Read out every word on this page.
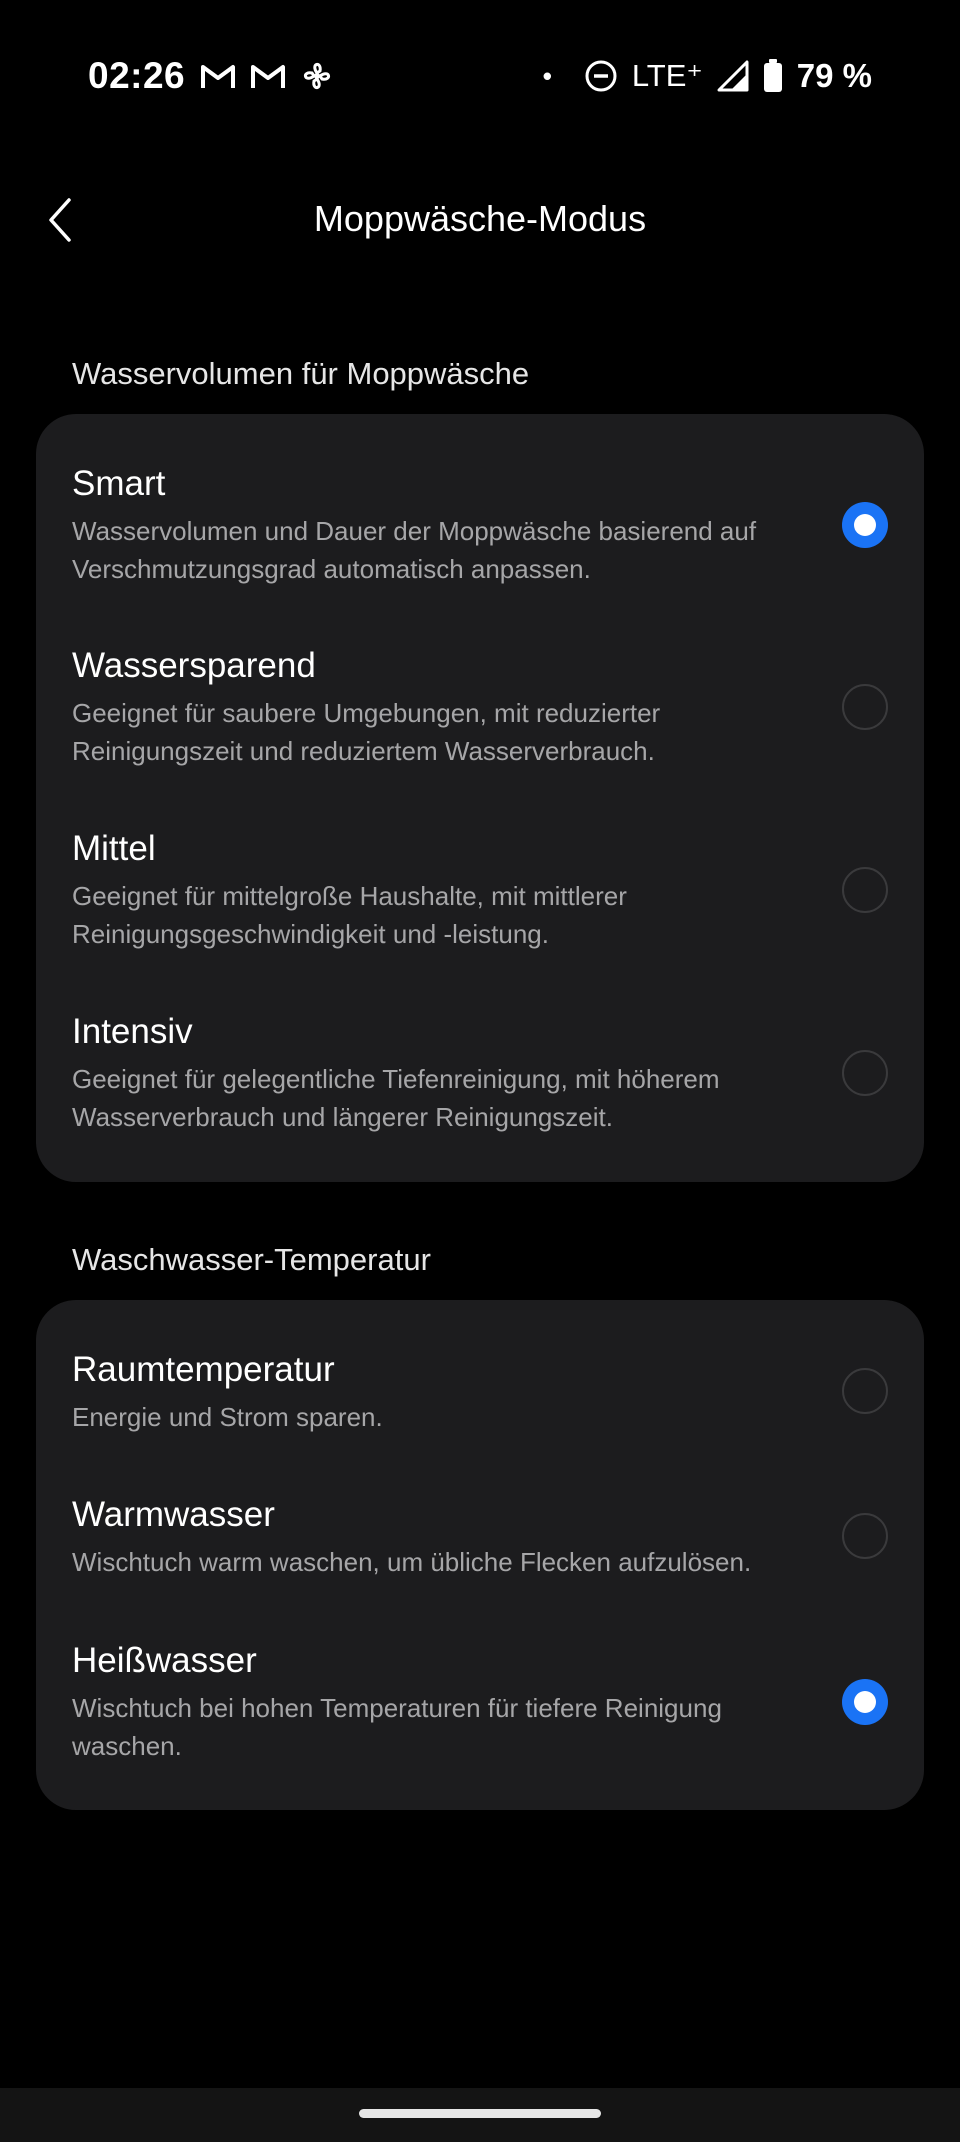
02:26	•	LTE⁺	79 %
Moppwäsche-Modus
Wasservolumen für Moppwäsche
Smart
Wasservolumen und Dauer der Moppwäsche basierend auf Verschmutzungsgrad automatisch anpassen.
Wassersparend
Geeignet für saubere Umgebungen, mit reduzierter Reinigungszeit und reduziertem Wasserverbrauch.
Mittel
Geeignet für mittelgroße Haushalte, mit mittlerer Reinigungsgeschwindigkeit und -leistung.
Intensiv
Geeignet für gelegentliche Tiefenreinigung, mit höherem Wasserverbrauch und längerer Reinigungszeit.
Waschwasser-Temperatur
Raumtemperatur
Energie und Strom sparen.
Warmwasser
Wischtuch warm waschen, um übliche Flecken aufzulösen.
Heißwasser
Wischtuch bei hohen Temperaturen für tiefere Reinigung waschen.
